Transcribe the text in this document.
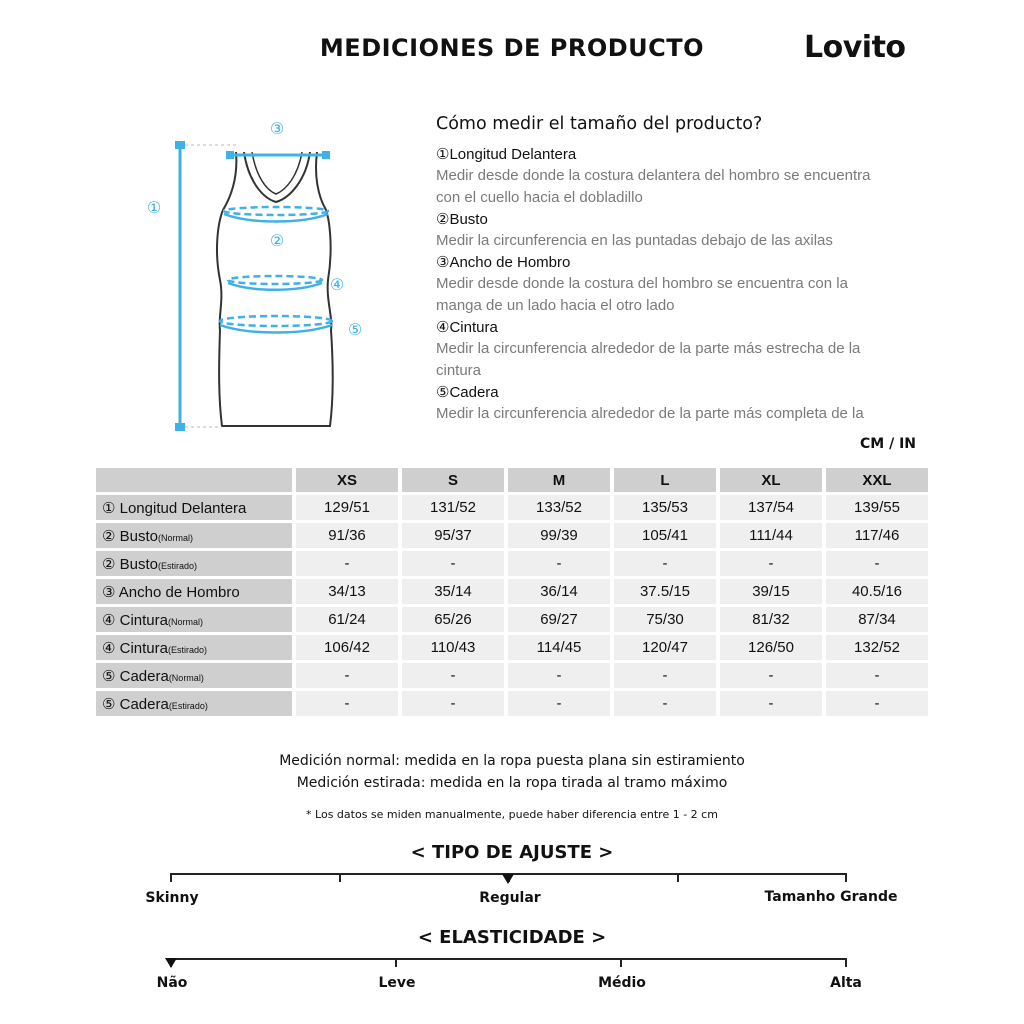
MEDICIONES DE PRODUCTO	Lovito
①
②
③
④
⑤
Cómo medir el tamaño del producto?
①Longitud Delantera
Medir desde donde la costura delantera del hombro se encuentra
con el cuello hacia el dobladillo
②Busto
Medir la circunferencia en las puntadas debajo de las axilas
③Ancho de Hombro
Medir desde donde la costura del hombro se encuentra con la
manga de un lado hacia el otro lado
④Cintura
Medir la circunferencia alrededor de la parte más estrecha de la
cintura
⑤Cadera
Medir la circunferencia alrededor de la parte más completa de la
CM / IN
	XS	S	M	L	XL	XXL
① Longitud Delantera	129/51	131/52	133/52	135/53	137/54	139/55
② Busto(Normal)	91/36	95/37	99/39	105/41	111/44	117/46
② Busto(Estirado)	-	-	-	-	-	-
③ Ancho de Hombro	34/13	35/14	36/14	37.5/15	39/15	40.5/16
④ Cintura(Normal)	61/24	65/26	69/27	75/30	81/32	87/34
④ Cintura(Estirado)	106/42	110/43	114/45	120/47	126/50	132/52
⑤ Cadera(Normal)	-	-	-	-	-	-
⑤ Cadera(Estirado)	-	-	-	-	-	-
Medición normal: medida en la ropa puesta plana sin estiramiento
Medición estirada: medida en la ropa tirada al tramo máximo
* Los datos se miden manualmente, puede haber diferencia entre 1 - 2 cm
< TIPO DE AJUSTE >
Skinny	Regular	Tamanho Grande
< ELASTICIDADE >
Não	Leve	Médio	Alta
